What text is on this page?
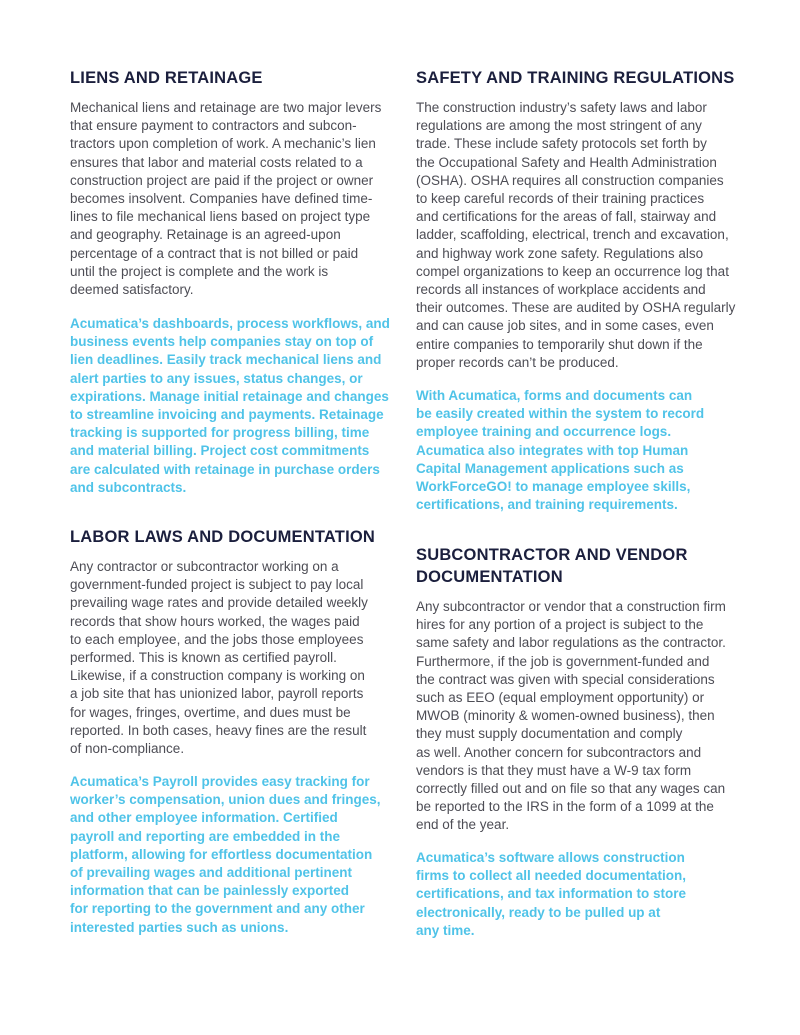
LIENS AND RETAINAGE

Mechanical liens and retainage are two major levers
that ensure payment to contractors and subcon-
tractors upon completion of work. A mechanic’s lien
ensures that labor and material costs related to a
construction project are paid if the project or owner
becomes insolvent. Companies have defined time-
lines to file mechanical liens based on project type
and geography. Retainage is an agreed-upon
percentage of a contract that is not billed or paid
until the project is complete and the work is
deemed satisfactory.

Acumatica’s dashboards, process workflows, and
business events help companies stay on top of
lien deadlines. Easily track mechanical liens and
alert parties to any issues, status changes, or
expirations. Manage initial retainage and changes
to streamline invoicing and payments. Retainage
tracking is supported for progress billing, time
and material billing. Project cost commitments
are calculated with retainage in purchase orders
and subcontracts.

LABOR LAWS AND DOCUMENTATION

Any contractor or subcontractor working on a
government-funded project is subject to pay local
prevailing wage rates and provide detailed weekly
records that show hours worked, the wages paid
to each employee, and the jobs those employees
performed. This is known as certified payroll.
Likewise, if a construction company is working on
a job site that has unionized labor, payroll reports
for wages, fringes, overtime, and dues must be
reported. In both cases, heavy fines are the result
of non-compliance.

Acumatica’s Payroll provides easy tracking for
worker’s compensation, union dues and fringes,
and other employee information. Certified
payroll and reporting are embedded in the
platform, allowing for effortless documentation
of prevailing wages and additional pertinent
information that can be painlessly exported
for reporting to the government and any other
interested parties such as unions.

SAFETY AND TRAINING REGULATIONS

The construction industry’s safety laws and labor
regulations are among the most stringent of any
trade. These include safety protocols set forth by
the Occupational Safety and Health Administration
(OSHA). OSHA requires all construction companies
to keep careful records of their training practices
and certifications for the areas of fall, stairway and
ladder, scaffolding, electrical, trench and excavation,
and highway work zone safety. Regulations also
compel organizations to keep an occurrence log that
records all instances of workplace accidents and
their outcomes. These are audited by OSHA regularly
and can cause job sites, and in some cases, even
entire companies to temporarily shut down if the
proper records can’t be produced.

With Acumatica, forms and documents can
be easily created within the system to record
employee training and occurrence logs.
Acumatica also integrates with top Human
Capital Management applications such as
WorkForceGO! to manage employee skills,
certifications, and training requirements.

SUBCONTRACTOR AND VENDOR
DOCUMENTATION

Any subcontractor or vendor that a construction firm
hires for any portion of a project is subject to the
same safety and labor regulations as the contractor.
Furthermore, if the job is government-funded and
the contract was given with special considerations
such as EEO (equal employment opportunity) or
MWOB (minority & women-owned business), then
they must supply documentation and comply
as well. Another concern for subcontractors and
vendors is that they must have a W-9 tax form
correctly filled out and on file so that any wages can
be reported to the IRS in the form of a 1099 at the
end of the year.

Acumatica’s software allows construction
firms to collect all needed documentation,
certifications, and tax information to store
electronically, ready to be pulled up at
any time.
